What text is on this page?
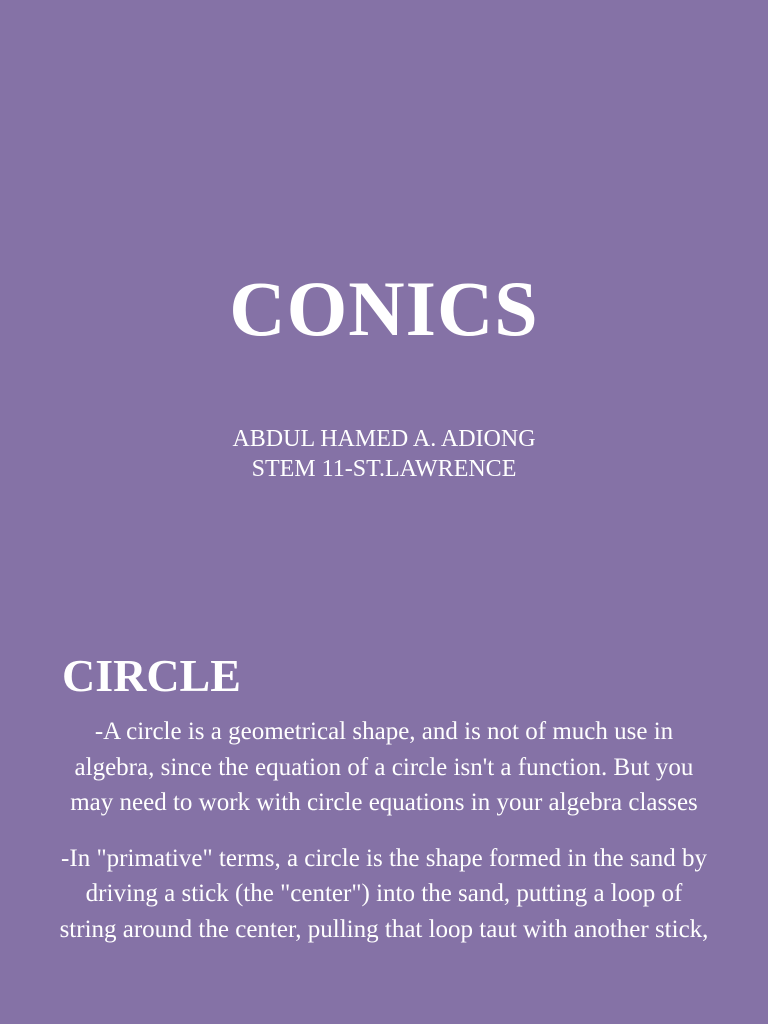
CONICS
ABDUL HAMED A. ADIONG
STEM 11-ST.LAWRENCE
CIRCLE

-A circle is a geometrical shape, and is not of much use in algebra, since the equation of a circle isn't a function. But you may need to work with circle equations in your algebra classes

-In "primative" terms, a circle is the shape formed in the sand by driving a stick (the "center") into the sand, putting a loop of string around the center, pulling that loop taut with another stick,
